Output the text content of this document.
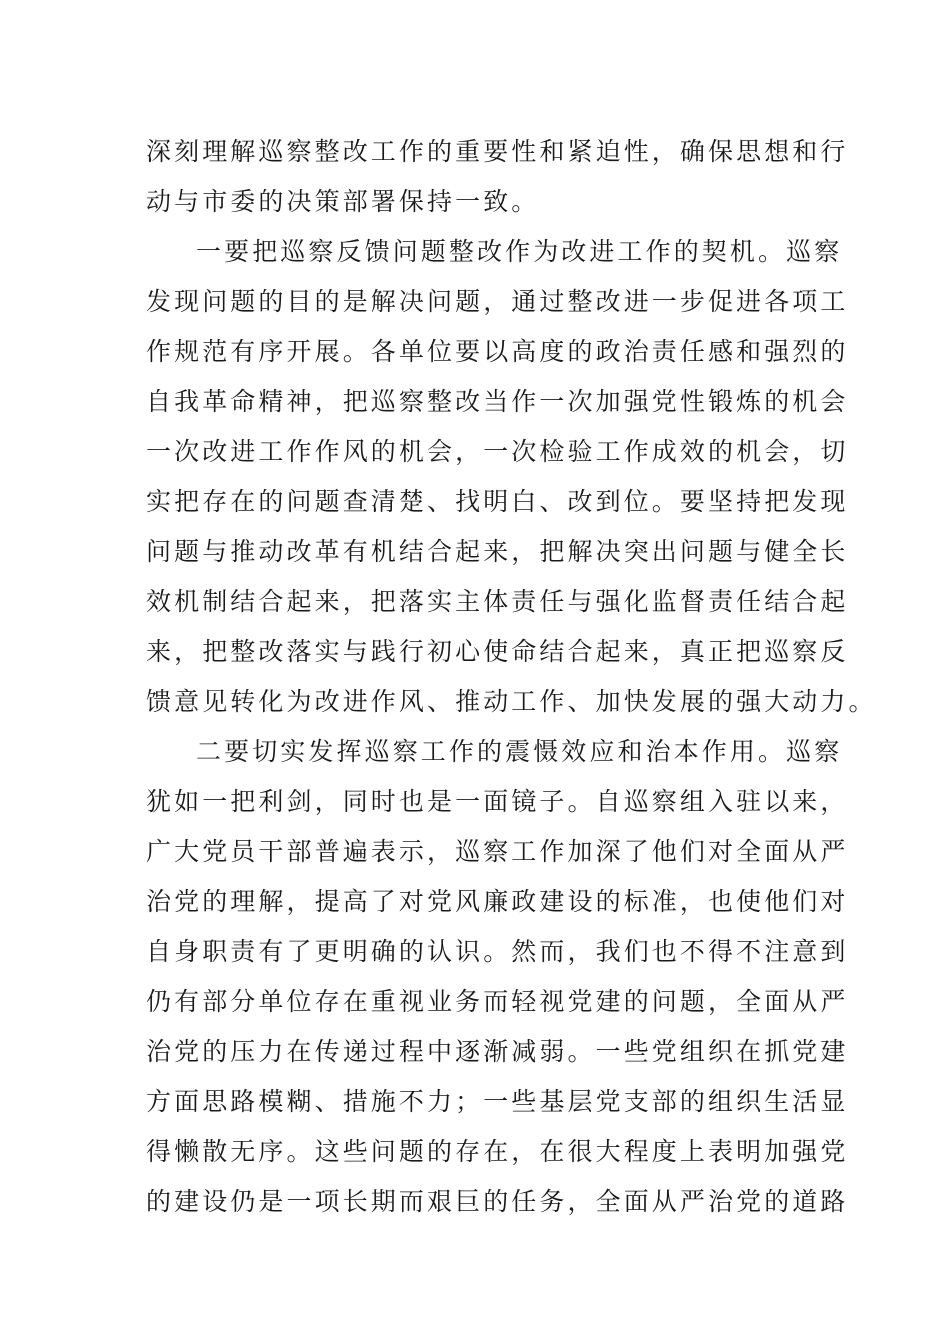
深刻理解巡察整改工作的重要性和紧迫性，确保思想和行
动与市委的决策部署保持一致。
一要把巡察反馈问题整改作为改进工作的契机。巡察
发现问题的目的是解决问题，通过整改进一步促进各项工
作规范有序开展。各单位要以高度的政治责任感和强烈的
自我革命精神，把巡察整改当作一次加强党性锻炼的机会
一次改进工作作风的机会，一次检验工作成效的机会，切
实把存在的问题查清楚、找明白、改到位。要坚持把发现
问题与推动改革有机结合起来，把解决突出问题与健全长
效机制结合起来，把落实主体责任与强化监督责任结合起
来，把整改落实与践行初心使命结合起来，真正把巡察反
馈意见转化为改进作风、推动工作、加快发展的强大动力。
二要切实发挥巡察工作的震慑效应和治本作用。巡察
犹如一把利剑，同时也是一面镜子。自巡察组入驻以来，
广大党员干部普遍表示，巡察工作加深了他们对全面从严
治党的理解，提高了对党风廉政建设的标准，也使他们对
自身职责有了更明确的认识。然而，我们也不得不注意到
仍有部分单位存在重视业务而轻视党建的问题，全面从严
治党的压力在传递过程中逐渐减弱。一些党组织在抓党建
方面思路模糊、措施不力；一些基层党支部的组织生活显
得懒散无序。这些问题的存在，在很大程度上表明加强党
的建设仍是一项长期而艰巨的任务，全面从严治党的道路
